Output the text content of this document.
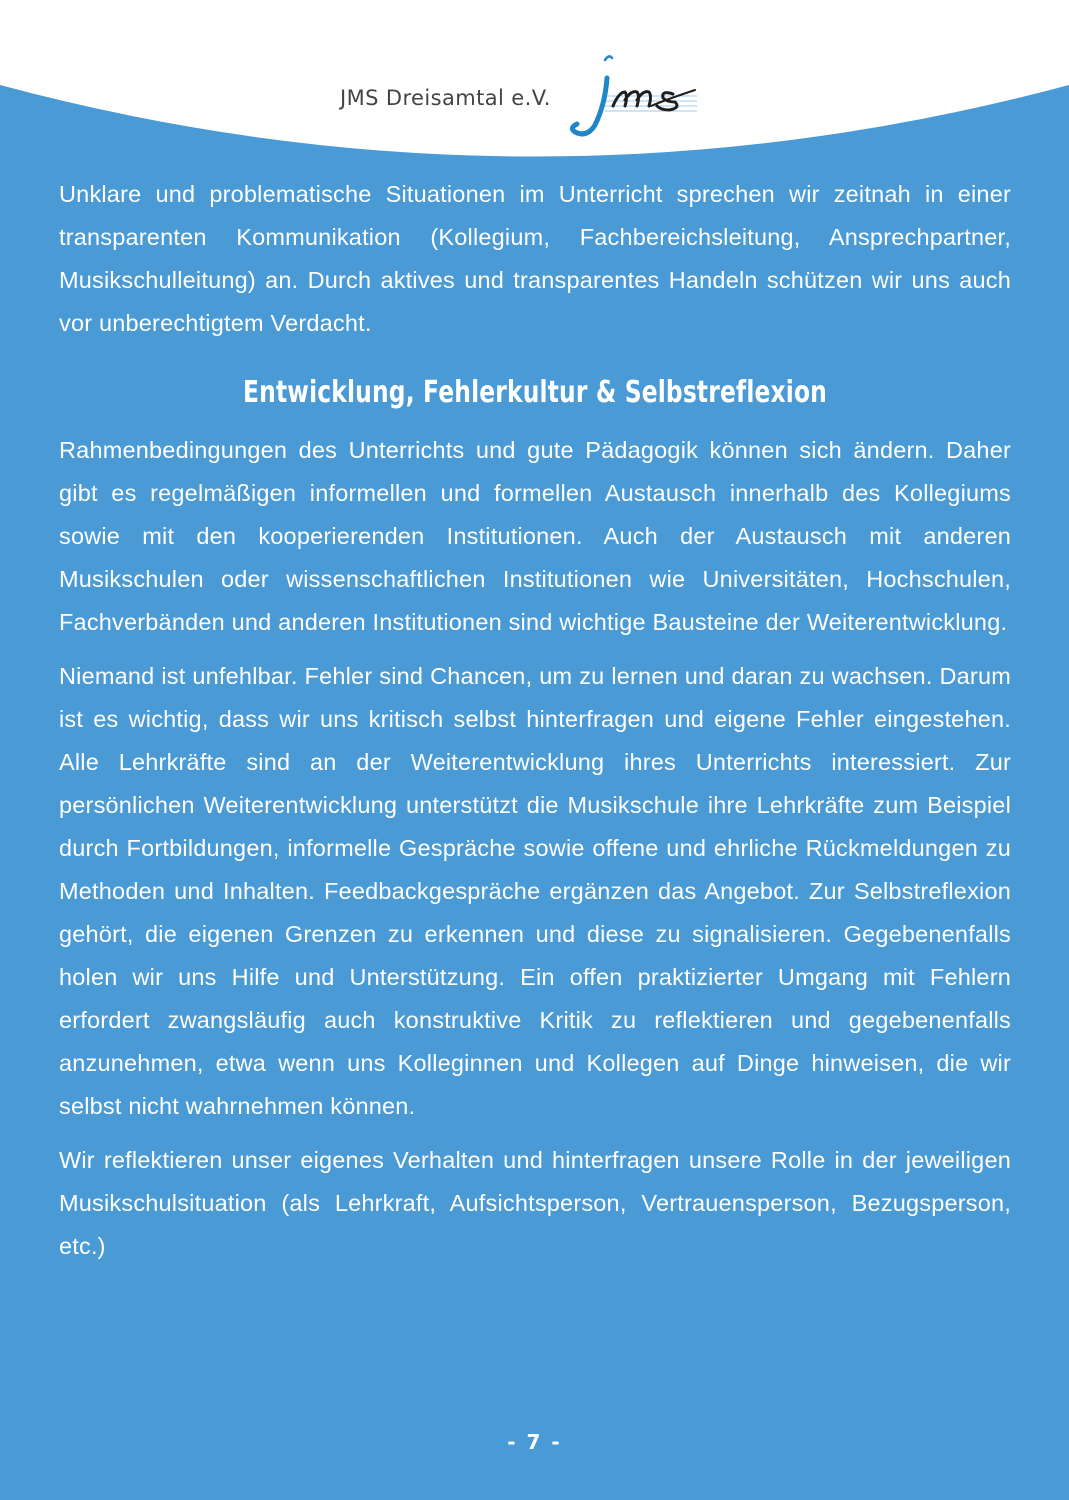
JMS Dreisamtal e.V.

Unklare und problematische Situationen im Unterricht sprechen wir zeitnah in einer transparenten Kommunikation (Kollegium, Fachbereichsleitung, Ansprechpartner, Musikschulleitung) an. Durch aktives und transparentes Handeln schützen wir uns auch vor unberechtigtem Verdacht.

Entwicklung, Fehlerkultur & Selbstreflexion

Rahmenbedingungen des Unterrichts und gute Pädagogik können sich ändern. Daher gibt es regelmäßigen informellen und formellen Austausch innerhalb des Kollegiums sowie mit den kooperierenden Institutionen. Auch der Austausch mit anderen Musikschulen oder wissenschaftlichen Institutionen wie Universitäten, Hochschulen, Fachverbänden und anderen Institutionen sind wichtige Bausteine der Weiterentwicklung.

Niemand ist unfehlbar. Fehler sind Chancen, um zu lernen und daran zu wachsen. Darum ist es wichtig, dass wir uns kritisch selbst hinterfragen und eigene Fehler eingestehen. Alle Lehrkräfte sind an der Weiterentwicklung ihres Unterrichts interessiert. Zur persönlichen Weiterentwicklung unterstützt die Musikschule ihre Lehrkräfte zum Beispiel durch Fortbildungen, informelle Gespräche sowie offene und ehrliche Rückmeldungen zu Methoden und Inhalten. Feedbackgespräche ergänzen das Angebot. Zur Selbstreflexion gehört, die eigenen Grenzen zu erkennen und diese zu signalisieren. Gegebenenfalls holen wir uns Hilfe und Unterstützung. Ein offen praktizierter Umgang mit Fehlern erfordert zwangsläufig auch konstruktive Kritik zu reflektieren und gegebenenfalls anzunehmen, etwa wenn uns Kolleginnen und Kollegen auf Dinge hinweisen, die wir selbst nicht wahrnehmen können.

Wir reflektieren unser eigenes Verhalten und hinterfragen unsere Rolle in der jeweiligen Musikschulsituation (als Lehrkraft, Aufsichtsperson, Vertrauensperson, Bezugsperson, etc.)

- 7 -
